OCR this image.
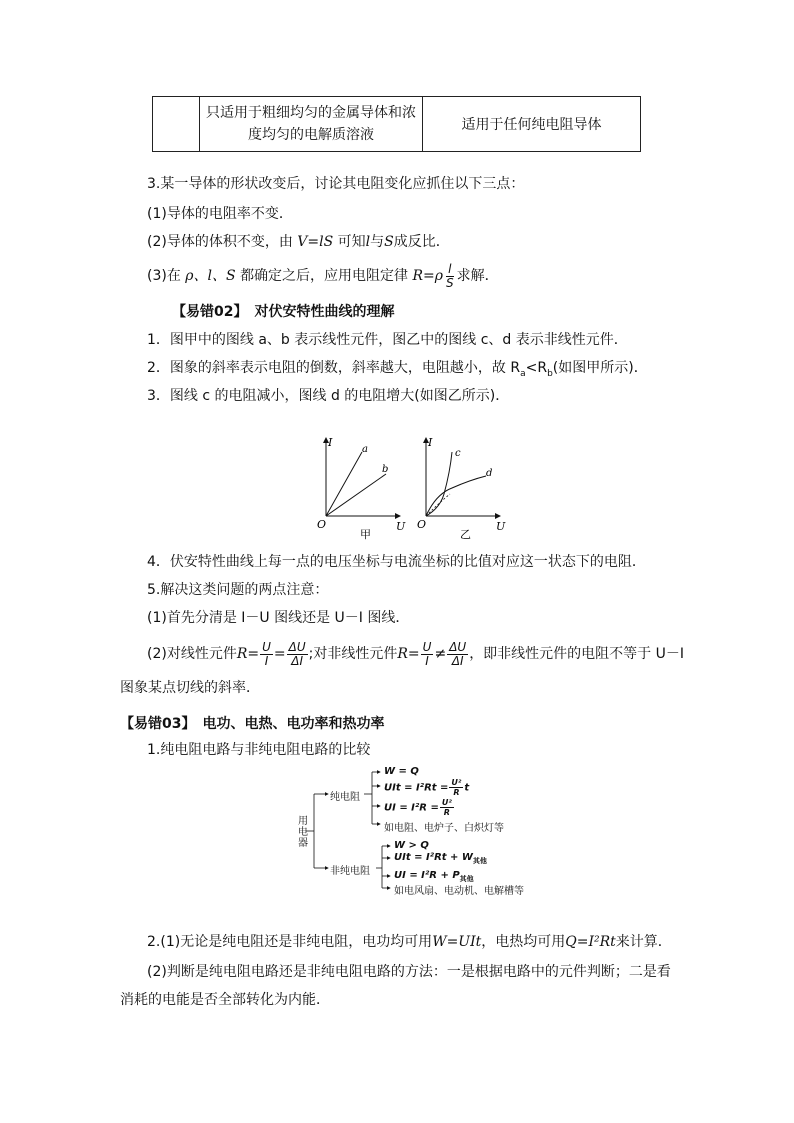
	只适用于粗细均匀的金属导体和浓
度均匀的电解质溶液	适用于任何纯电阻导体
3.某一导体的形状改变后，讨论其电阻变化应抓住以下三点：
(1)导体的电阻率不变．
(2)导体的体积不变，由 V=lS 可知l与S成反比．
(3)在 ρ、l、S 都确定之后，应用电阻定律 $R=\rho \frac{l}{S}$ 求解．
【易错02】　对伏安特性曲线的理解
1．图甲中的图线 a、b 表示线性元件，图乙中的图线 c、d 表示非线性元件．
2．图象的斜率表示电阻的倒数，斜率越大，电阻越小，故 $R_a<R_b$(如图甲所示)．
3．图线 c 的电阻减小，图线 d 的电阻增大(如图乙所示)．
I
U
O
a
b
甲
I
U
O
c
d
乙
4．伏安特性曲线上每一点的电压坐标与电流坐标的比值对应这一状态下的电阻．
5.解决这类问题的两点注意：
(1)首先分清是 I－U 图线还是 U－I 图线．
(2)对线性元件$R= \frac{U}{I} = \frac{\Delta U}{\Delta I}$ ;对非线性元件$R= \frac{U}{I} \ne \frac{\Delta U}{\Delta I}$ ，即非线性元件的电阻不等于 U－I
图象某点切线的斜率．
【易错03】　电功、电热、电功率和热功率
1.纯电阻电路与非纯电阻电路的比较
用
电
器
纯电阻
W = Q
UIt = $I^2Rt = \frac{\text{U²}}{R}$ t
UI = $I^2R = \frac{\text{U²}}{R}$
如电阻、电炉子、白炽灯等
非纯电阻
W > Q
UIt = $I^2Rt + W_{其他}$
UI = $I^2R + P_{其他}$
如电风扇、电动机、电解槽等
2.(1)无论是纯电阻还是非纯电阻，电功均可用W=UIt，电热均可用Q=I²Rt来计算．
(2)判断是纯电阻电路还是非纯电阻电路的方法：一是根据电路中的元件判断；二是看
消耗的电能是否全部转化为内能．
